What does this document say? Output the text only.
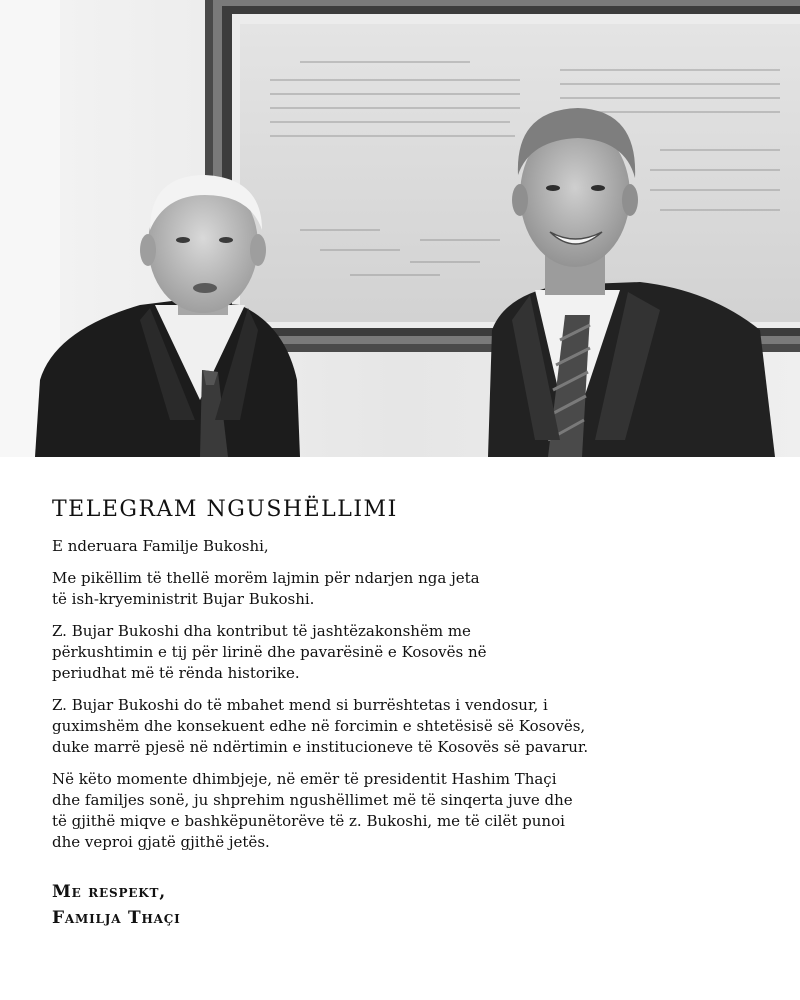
TELEGRAM NGUSHËLLIMI

E nderuara Familje Bukoshi,

Me pikëllim të thellë morëm lajmin për ndarjen nga jeta
të ish-kryeministrit Bujar Bukoshi.

Z. Bujar Bukoshi dha kontribut të jashtëzakonshëm me
përkushtimin e tij për lirinë dhe pavarësinë e Kosovës në
periudhat më të rënda historike.

Z. Bujar Bukoshi do të mbahet mend si burrështetas i vendosur, i
guximshëm dhe konsekuent edhe në forcimin e shtetësisë së Kosovës,
duke marrë pjesë në ndërtimin e institucioneve të Kosovës së pavarur.

Në këto momente dhimbjeje, në emër të presidentit Hashim Thaçi
dhe familjes sonë, ju shprehim ngushëllimet më të sinqerta juve dhe
të gjithë miqve e bashkëpunëtorëve të z. Bukoshi, me të cilët punoi
dhe veproi gjatë gjithë jetës.

Me respekt,
Familja Thaçi
